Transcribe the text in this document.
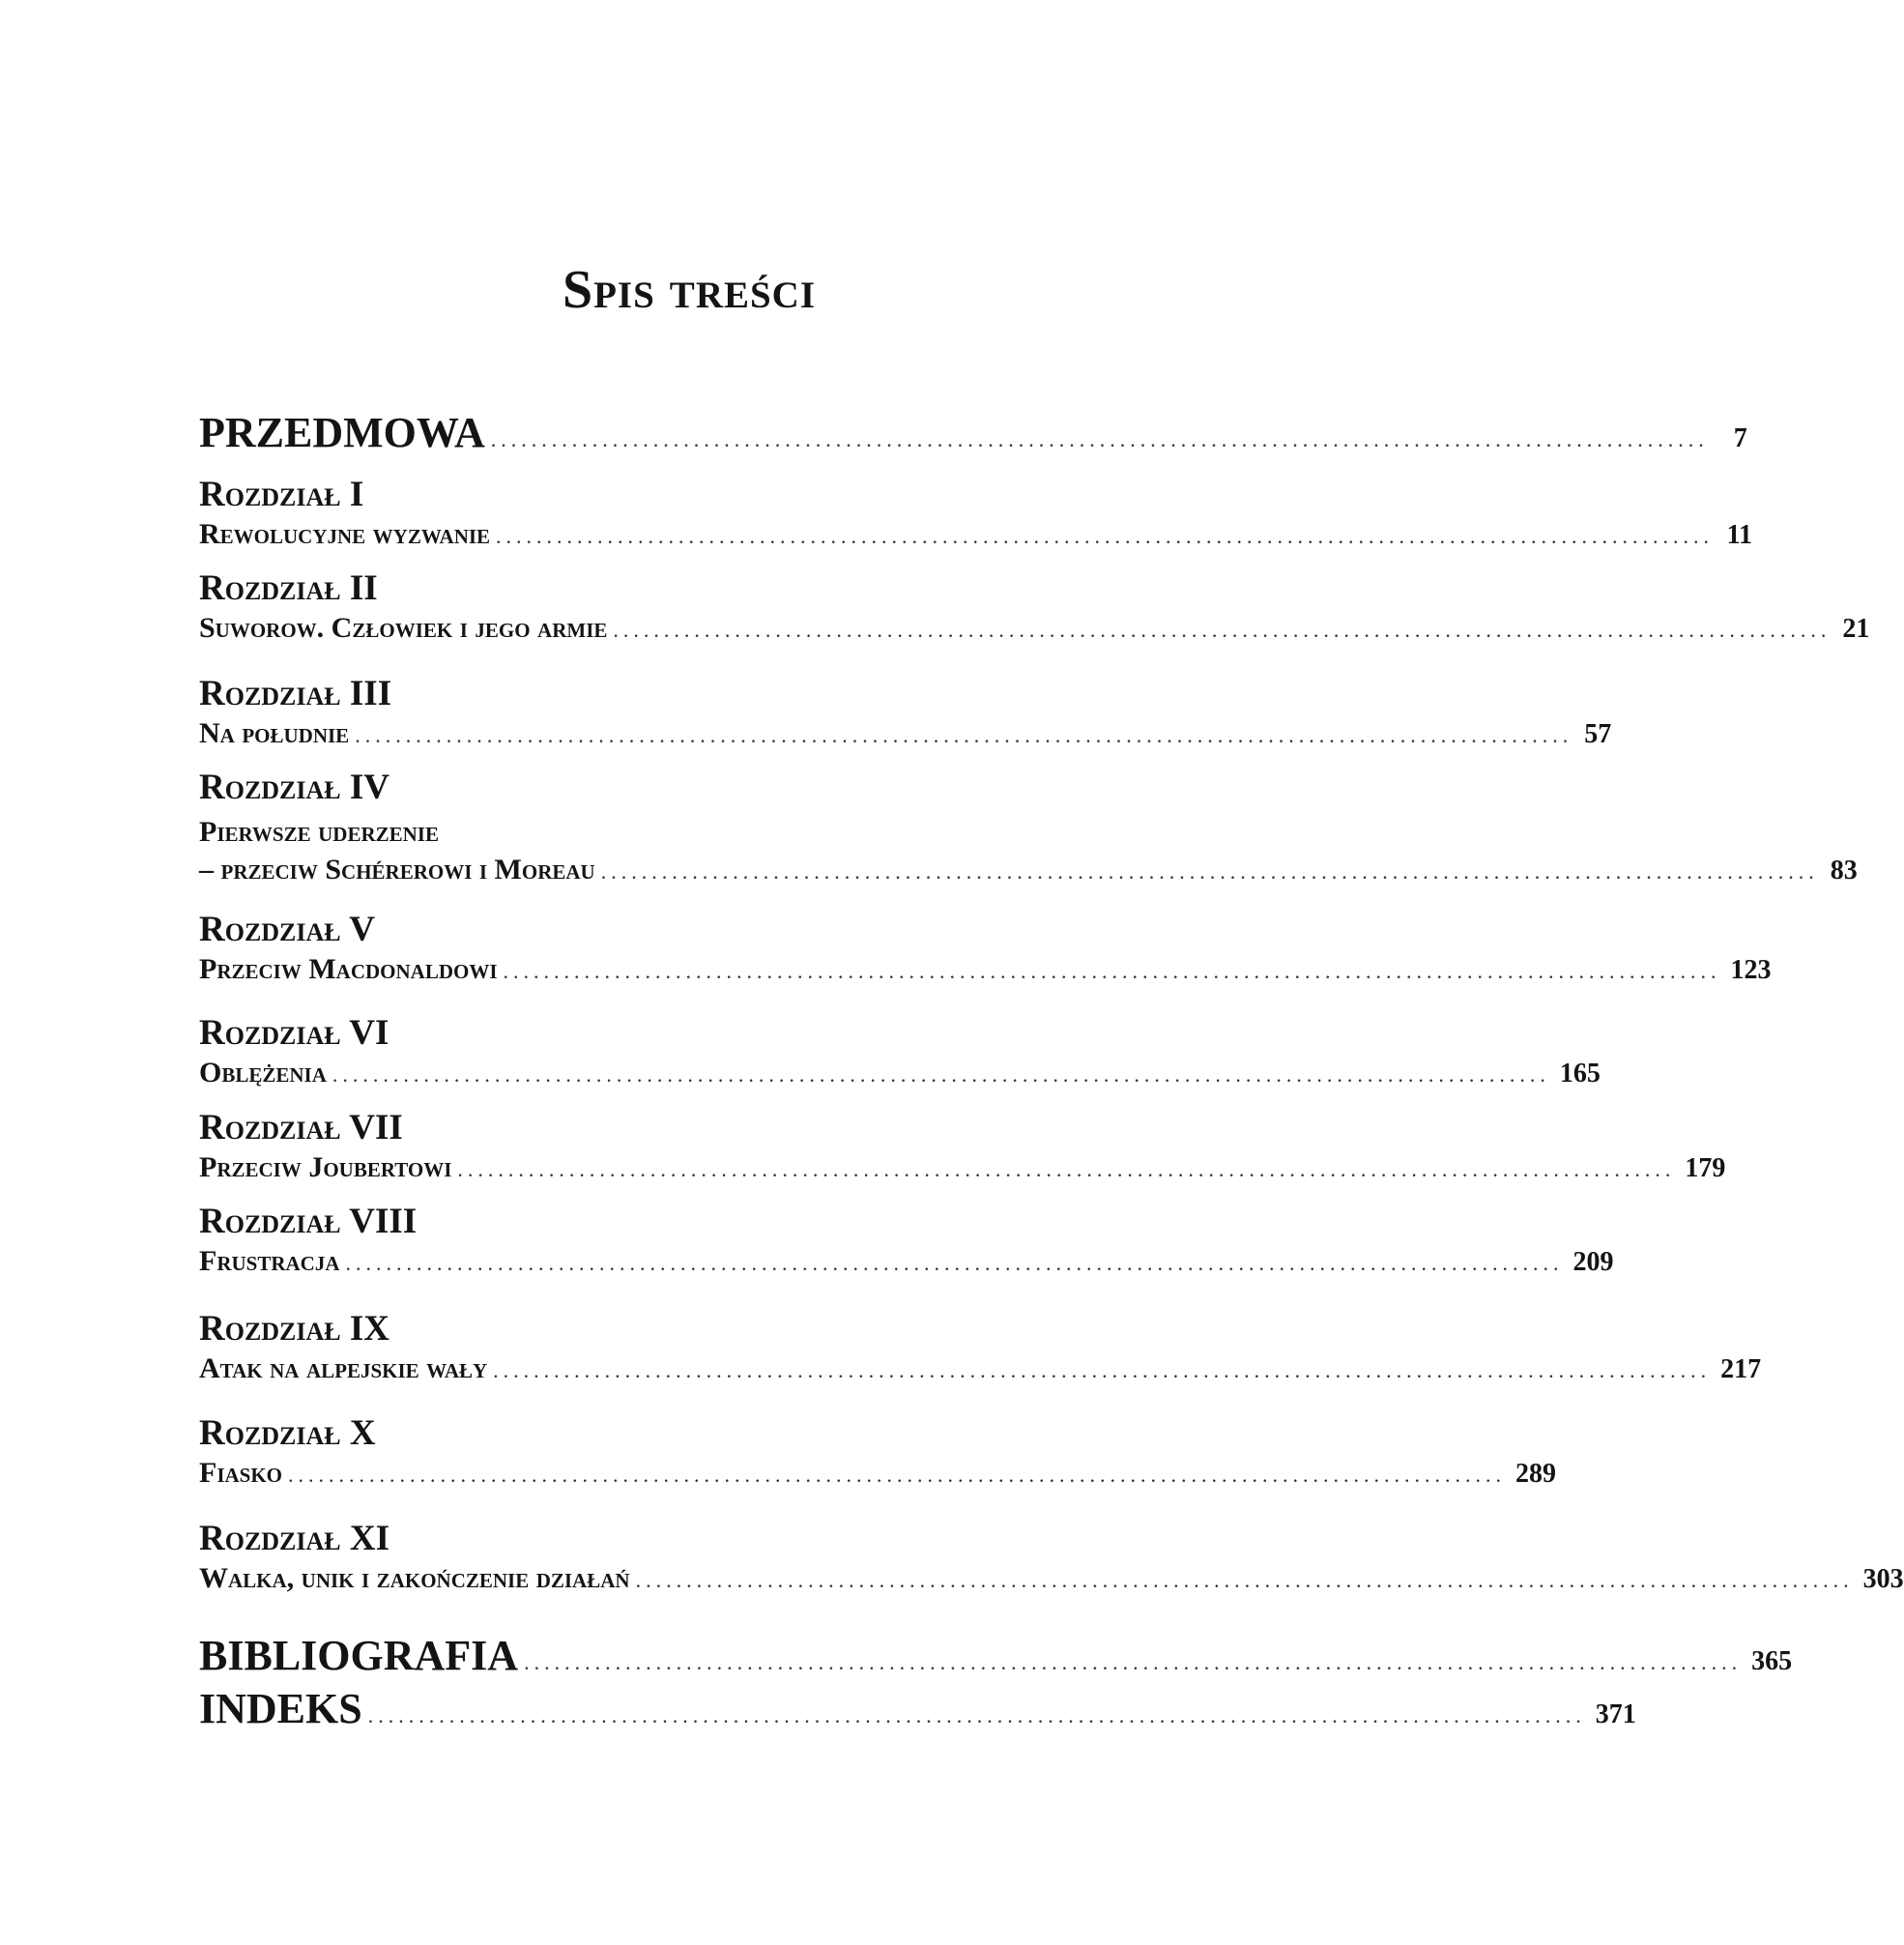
Spis treści
PRZEDMOWA ........................................................................................................................ 7
Rozdział I
Rewolucyjne wyzwanie ........................................................................................................................ 11
Rozdział II
Suworow. Człowiek i jego armie ........................................................................................................................ 21
Rozdział III
Na południe ........................................................................................................................ 57
Rozdział IV
Pierwsze uderzenie
– przeciw Schérerowi i Moreau ........................................................................................................................ 83
Rozdział V
Przeciw Macdonaldowi ........................................................................................................................ 123
Rozdział VI
Oblężenia ........................................................................................................................ 165
Rozdział VII
Przeciw Joubertowi ........................................................................................................................ 179
Rozdział VIII
Frustracja ........................................................................................................................ 209
Rozdział IX
Atak na alpejskie wały ........................................................................................................................ 217
Rozdział X
Fiasko ........................................................................................................................ 289
Rozdział XI
Walka, unik i zakończenie działań ........................................................................................................................ 303
BIBLIOGRAFIA ........................................................................................................................ 365
INDEKS ........................................................................................................................ 371
